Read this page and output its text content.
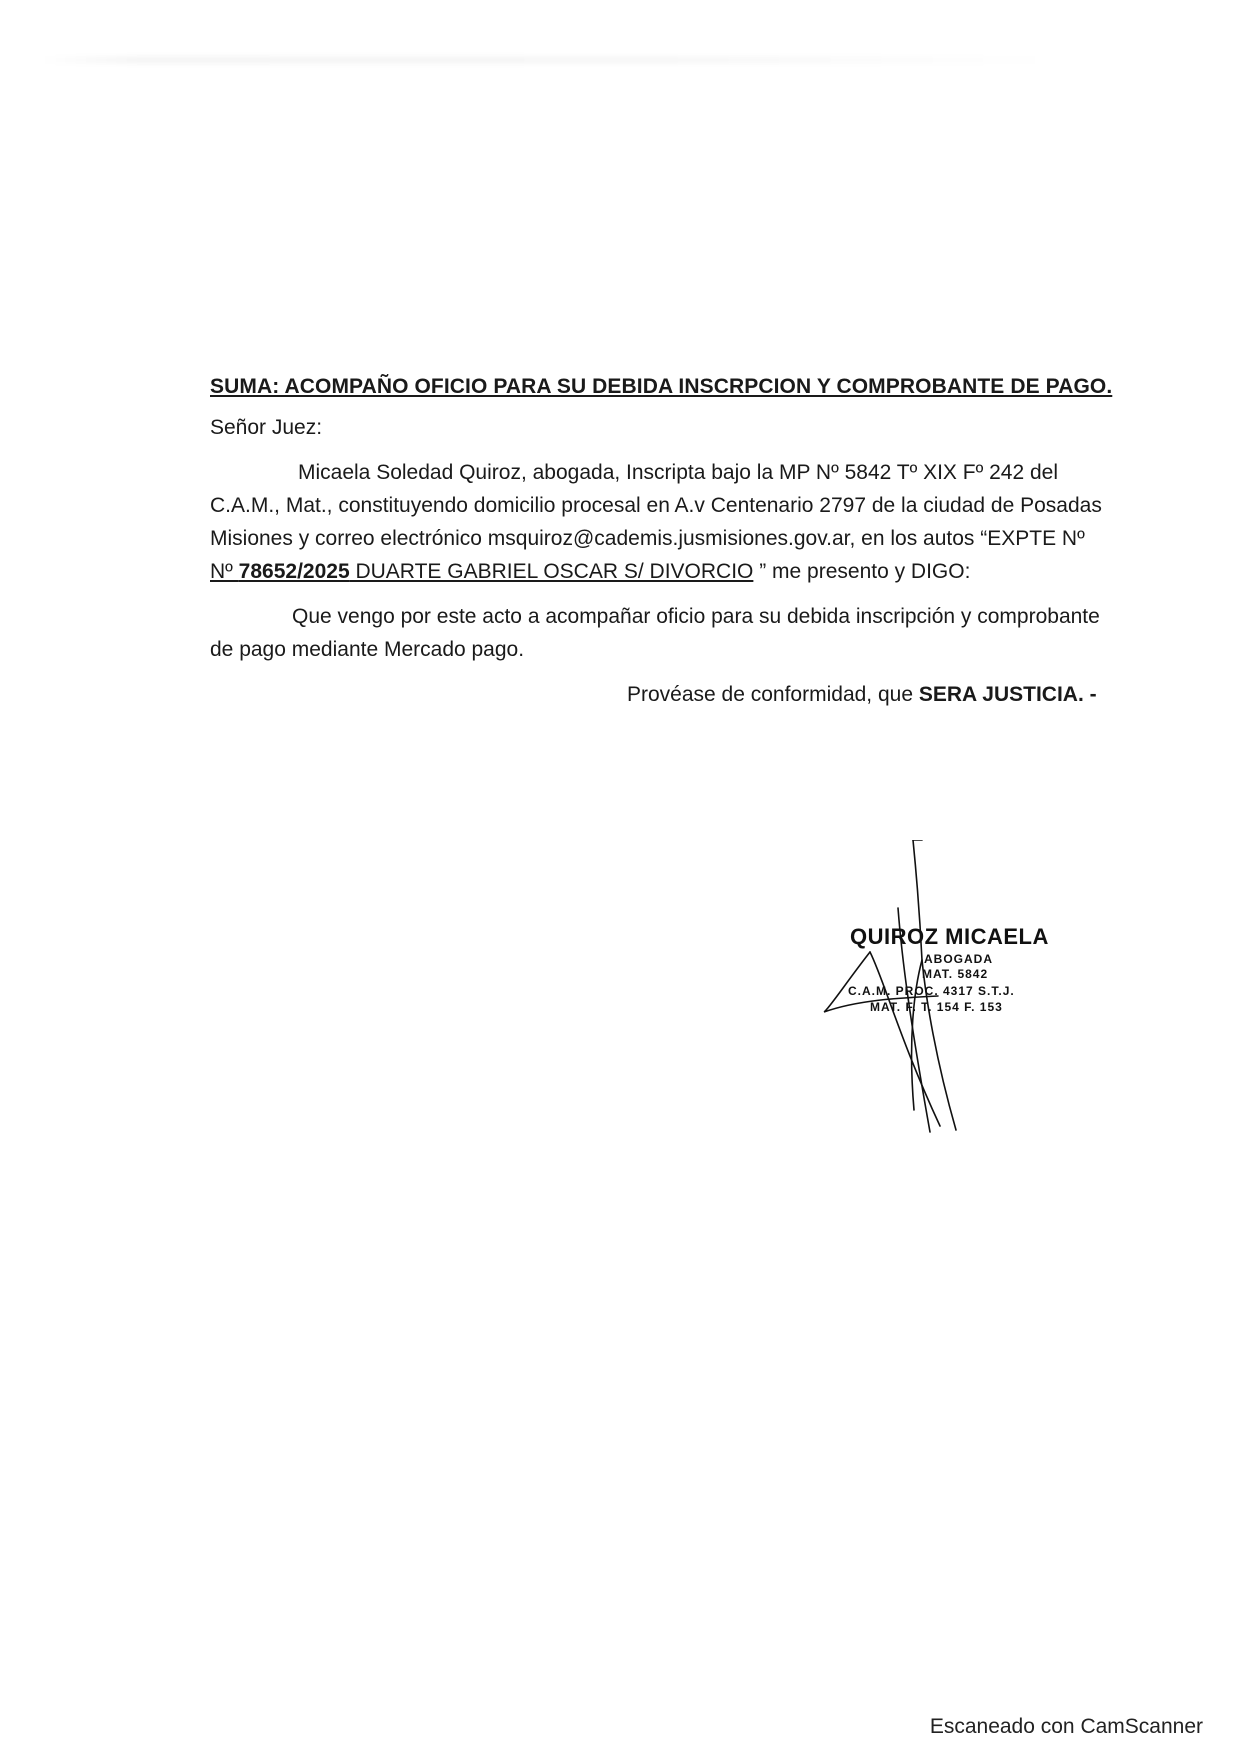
SUMA: ACOMPAÑO OFICIO PARA SU DEBIDA INSCRPCION Y COMPROBANTE DE PAGO.
Señor Juez:
Micaela Soledad Quiroz, abogada, Inscripta bajo la MP Nº 5842 Tº XIX Fº 242 del
C.A.M., Mat., constituyendo domicilio procesal en A.v Centenario 2797 de la ciudad de Posadas
Misiones y correo electrónico msquiroz@cademis.jusmisiones.gov.ar, en los autos “EXPTE Nº
Nº 78652/2025 DUARTE GABRIEL OSCAR S/ DIVORCIO ” me presento y DIGO:
Que vengo por este acto a acompañar oficio para su debida inscripción y comprobante
de pago mediante Mercado pago.
Provéase de conformidad, que SERA JUSTICIA. -
QUIROZ MICAELA
ABOGADA
MAT. 5842
C.A.M. PROC. 4317 S.T.J.
MAT. F. T. 154 F. 153
Escaneado con CamScanner
